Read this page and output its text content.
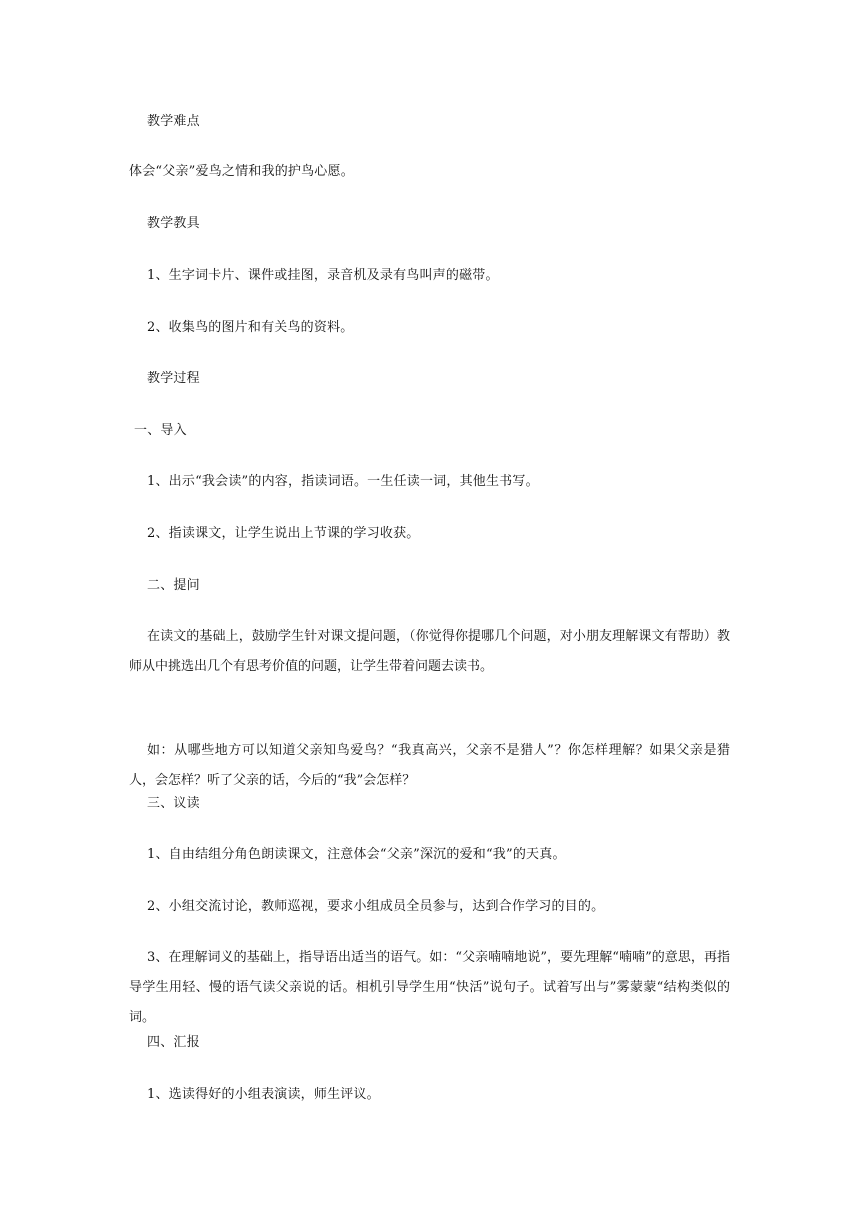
教学难点
体会“父亲”爱鸟之情和我的护鸟心愿。
教学教具
1、生字词卡片、课件或挂图，录音机及录有鸟叫声的磁带。
2、收集鸟的图片和有关鸟的资料。
教学过程
一、导入
1、出示“我会读”的内容，指读词语。一生任读一词，其他生书写。
2、指读课文，让学生说出上节课的学习收获。
二、提问
在读文的基础上，鼓励学生针对课文提问题，（你觉得你提哪几个问题，对小朋友理解课文有帮助）教师从中挑选出几个有思考价值的问题，让学生带着问题去读书。
如：从哪些地方可以知道父亲知鸟爱鸟？“我真高兴，父亲不是猎人”？你怎样理解？如果父亲是猎人，会怎样？听了父亲的话，今后的“我”会怎样？
三、议读
1、自由结组分角色朗读课文，注意体会“父亲”深沉的爱和“我”的天真。
2、小组交流讨论，教师巡视，要求小组成员全员参与，达到合作学习的目的。
3、在理解词义的基础上，指导语出适当的语气。如：“父亲喃喃地说”，要先理解“喃喃”的意思，再指导学生用轻、慢的语气读父亲说的话。相机引导学生用“快活”说句子。试着写出与”雾蒙蒙“结构类似的词。
四、汇报
1、选读得好的小组表演读，师生评议。
